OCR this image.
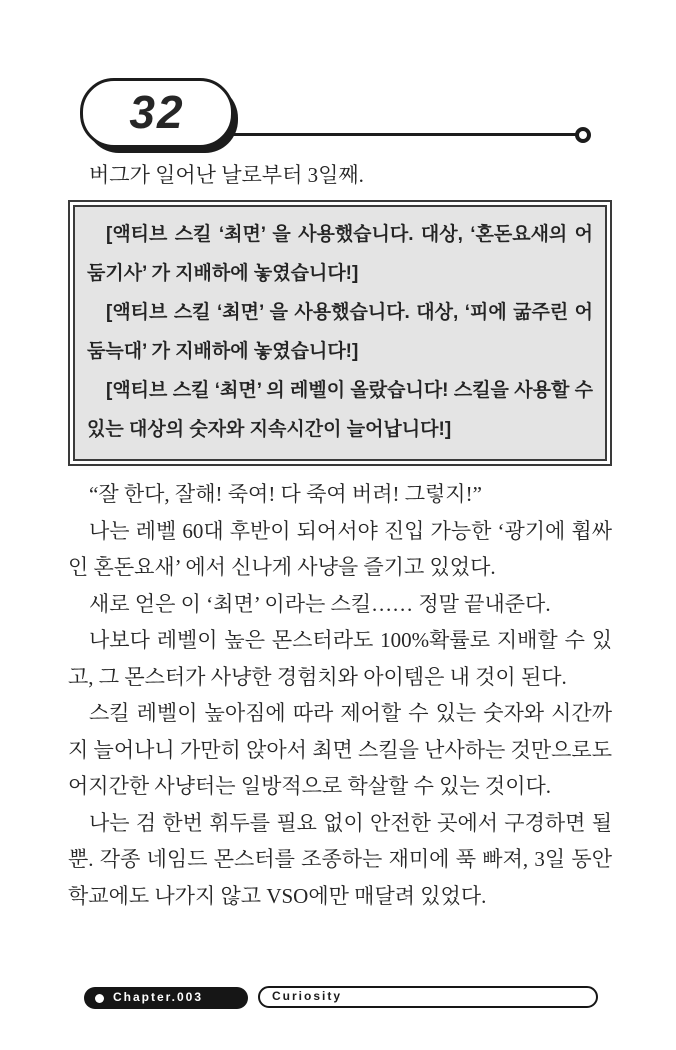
32

버그가 일어난 날로부터 3일째.

[액티브 스킬 ‘최면’ 을 사용했습니다. 대상, ‘혼돈요새의 어둠기사’ 가 지배하에 놓였습니다!]

[액티브 스킬 ‘최면’ 을 사용했습니다. 대상, ‘피에 굶주린 어둠늑대’ 가 지배하에 놓였습니다!]

[액티브 스킬 ‘최면’ 의 레벨이 올랐습니다! 스킬을 사용할 수 있는 대상의 숫자와 지속시간이 늘어납니다!]

“잘 한다, 잘해! 죽여! 다 죽여 버려! 그렇지!”

나는 레벨 60대 후반이 되어서야 진입 가능한 ‘광기에 휩싸인 혼돈요새’ 에서 신나게 사냥을 즐기고 있었다.

새로 얻은 이 ‘최면’ 이라는 스킬…… 정말 끝내준다.

나보다 레벨이 높은 몬스터라도 100%확률로 지배할 수 있고, 그 몬스터가 사냥한 경험치와 아이템은 내 것이 된다.

스킬 레벨이 높아짐에 따라 제어할 수 있는 숫자와 시간까지 늘어나니 가만히 앉아서 최면 스킬을 난사하는 것만으로도 어지간한 사냥터는 일방적으로 학살할 수 있는 것이다.

나는 검 한번 휘두를 필요 없이 안전한 곳에서 구경하면 될 뿐. 각종 네임드 몬스터를 조종하는 재미에 푹 빠져, 3일 동안 학교에도 나가지 않고 VSO에만 매달려 있었다.

Chapter.003	Curiosity
